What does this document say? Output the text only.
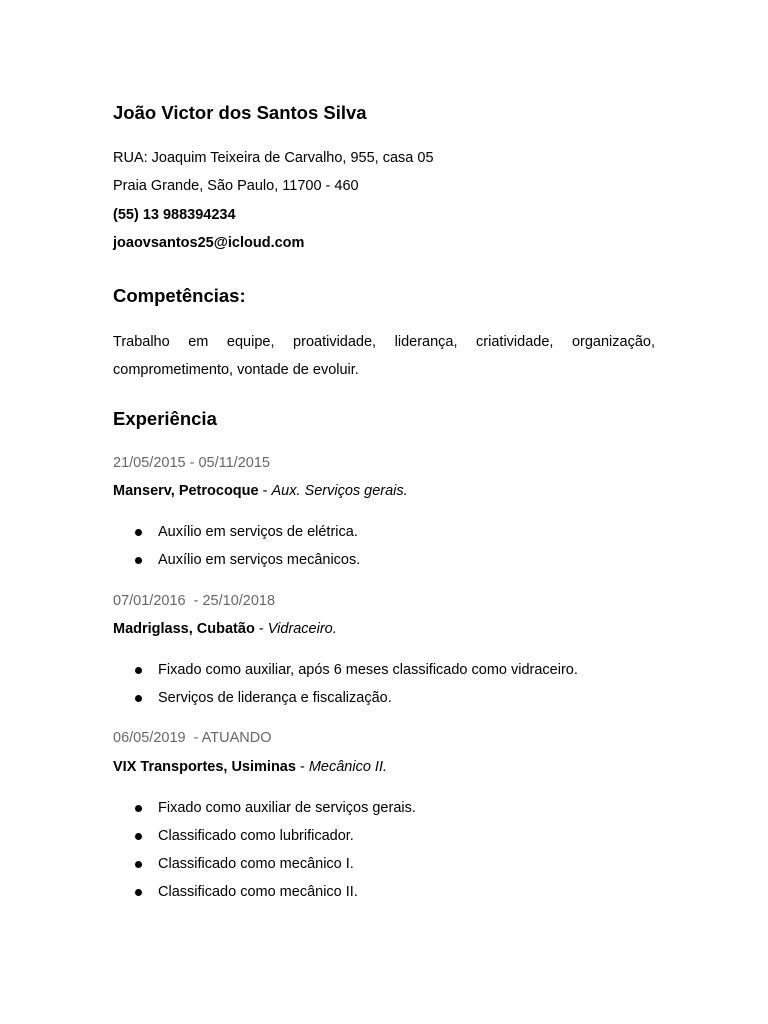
João Victor dos Santos Silva
RUA: Joaquim Teixeira de Carvalho, 955, casa 05
Praia Grande, São Paulo, 11700 - 460
(55) 13 988394234
joaovsantos25@icloud.com
Competências:
Trabalho em equipe, proatividade, liderança, criatividade, organização, comprometimento, vontade de evoluir.
Experiência
21/05/2015 - 05/11/2015
Manserv, Petrocoque - Aux. Serviços gerais.
Auxílio em serviços de elétrica.
Auxílio em serviços mecânicos.
07/01/2016  - 25/10/2018
Madriglass, Cubatão - Vidraceiro.
Fixado como auxiliar, após 6 meses classificado como vidraceiro.
Serviços de liderança e fiscalização.
06/05/2019  - ATUANDO
VIX Transportes, Usiminas - Mecânico II.
Fixado como auxiliar de serviços gerais.
Classificado como lubrificador.
Classificado como mecânico I.
Classificado como mecânico II.
